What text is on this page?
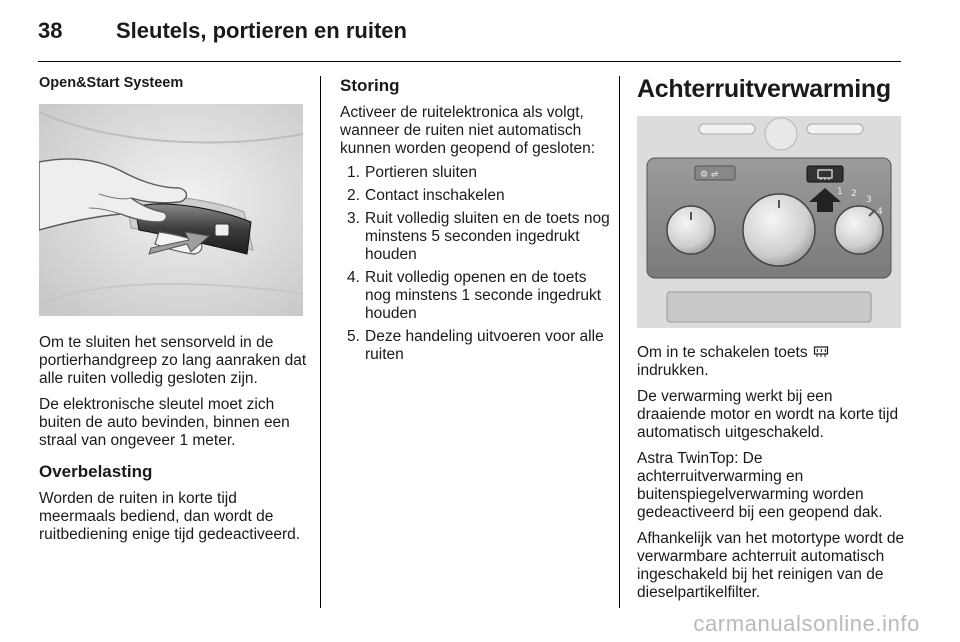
38	Sleutels, portieren en ruiten

Open&Start Systeem

Om te sluiten het sensorveld in de portierhandgreep zo lang aanraken dat alle ruiten volledig gesloten zijn.

De elektronische sleutel moet zich buiten de auto bevinden, binnen een straal van ongeveer 1 meter.

Overbelasting

Worden de ruiten in korte tijd meermaals bediend, dan wordt de ruitbediening enige tijd gedeactiveerd.

Storing

Activeer de ruitelektronica als volgt, wanneer de ruiten niet automatisch kunnen worden geopend of gesloten:

1. Portieren sluiten
2. Contact inschakelen
3. Ruit volledig sluiten en de toets nog minstens 5 seconden ingedrukt houden
4. Ruit volledig openen en de toets nog minstens 1 seconde ingedrukt houden
5. Deze handeling uitvoeren voor alle ruiten

Achterruitverwarming

⚙ ⇌
1 2
3
4

Om in te schakelen toets  indrukken.

De verwarming werkt bij een draaiende motor en wordt na korte tijd automatisch uitgeschakeld.

Astra TwinTop: De achterruitverwarming en buitenspiegelverwarming worden gedeactiveerd bij een geopend dak.

Afhankelijk van het motortype wordt de verwarmbare achterruit automatisch ingeschakeld bij het reinigen van de dieselpartikelfilter.

carmanualsonline.info
